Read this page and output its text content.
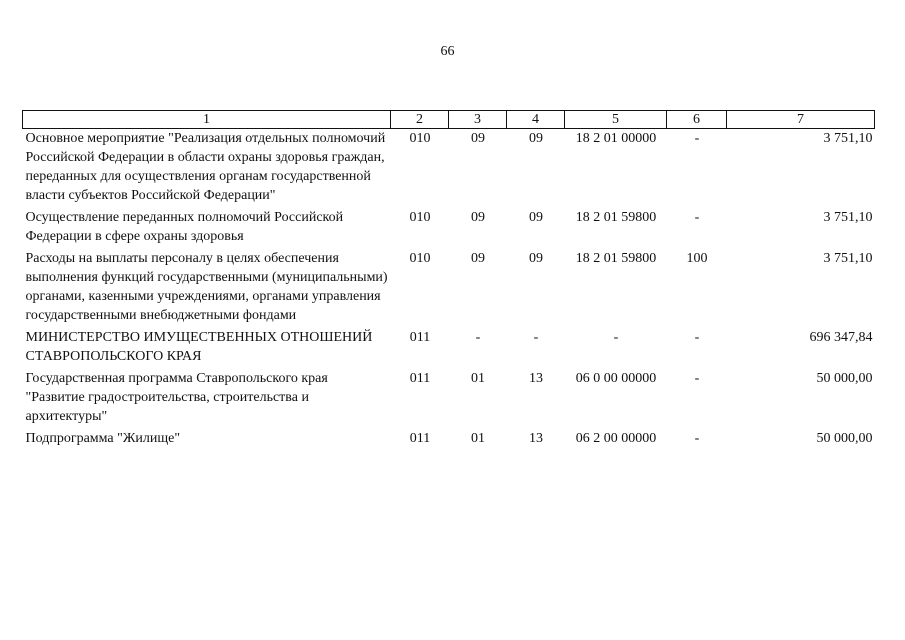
66
1	2	3	4	5	6	7
Основное мероприятие "Реализация отдельных полномочий Российской Федерации в области охраны здоровья граждан, переданных для осуществления органам государственной власти субъектов Российской Федерации"	010	09	09	18 2 01 00000	-	3 751,10
Осуществление переданных полномочий Российской Федерации в сфере охраны здоровья	010	09	09	18 2 01 59800	-	3 751,10
Расходы на выплаты персоналу в целях обеспечения выполнения функций государственными (муниципальными) органами, казенными учреждениями, органами управления государственными внебюджетными фондами	010	09	09	18 2 01 59800	100	3 751,10
МИНИСТЕРСТВО ИМУЩЕСТВЕННЫХ ОТНОШЕНИЙ СТАВРОПОЛЬСКОГО КРАЯ	011	-	-	-	-	696 347,84
Государственная программа Ставропольского края "Развитие градостроительства, строительства и архитектуры"	011	01	13	06 0 00 00000	-	50 000,00
Подпрограмма "Жилище"	011	01	13	06 2 00 00000	-	50 000,00
